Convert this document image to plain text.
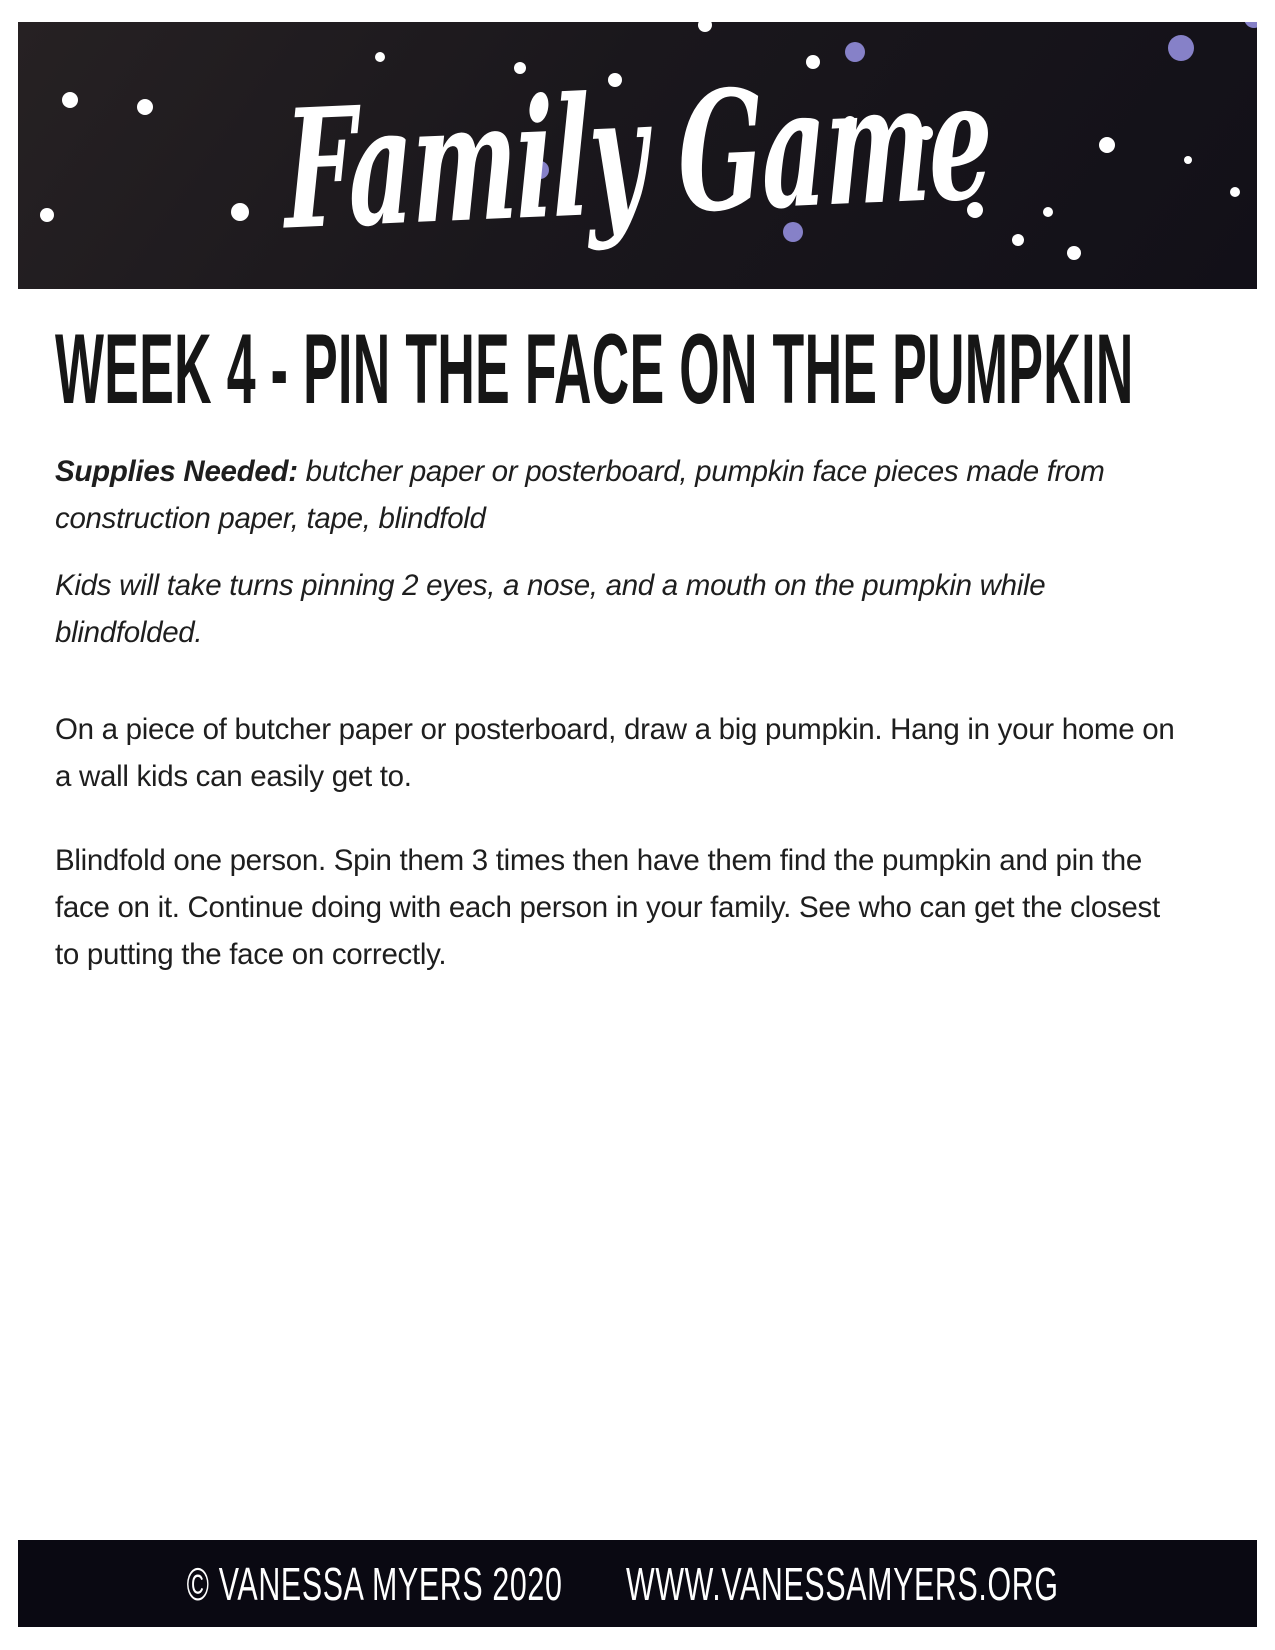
Family Game
WEEK 4 - PIN THE FACE ON THE PUMPKIN

Supplies Needed: butcher paper or posterboard, pumpkin face pieces made from construction paper, tape, blindfold

Kids will take turns pinning 2 eyes, a nose, and a mouth on the pumpkin while blindfolded.

On a piece of butcher paper or posterboard, draw a big pumpkin. Hang in your home on a wall kids can easily get to.

Blindfold one person. Spin them 3 times then have them find the pumpkin and pin the face on it. Continue doing with each person in your family. See who can get the closest to putting the face on correctly.

© VANESSA MYERS 2020 WWW.VANESSAMYERS.ORG
